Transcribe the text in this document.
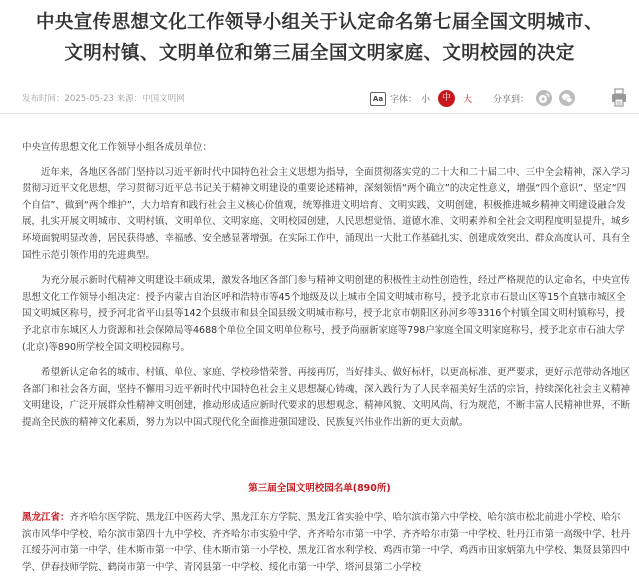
中央宣传思想文化工作领导小组关于认定命名第七届全国文明城市、
文明村镇、文明单位和第三届全国文明家庭、文明校园的决定
发布时间：2025-05-23 来源：中国文明网	Aa 字体： 小	中	大 分享到：

中央宣传思想文化工作领导小组各成员单位：

近年来，各地区各部门坚持以习近平新时代中国特色社会主义思想为指导，全面贯彻落实党的二十大和二十届二中、三中全会精神，深入学习贯彻习近平文化思想，学习贯彻习近平总书记关于精神文明建设的重要论述精神，深刻领悟“两个确立”的决定性意义，增强“四个意识”、坚定“四个自信”、做到“两个维护”，大力培育和践行社会主义核心价值观，统筹推进文明培育、文明实践、文明创建，积极推进城乡精神文明建设融合发展，扎实开展文明城市、文明村镇、文明单位、文明家庭、文明校园创建，人民思想觉悟、道德水准、文明素养和全社会文明程度明显提升，城乡环境面貌明显改善，居民获得感、幸福感、安全感显著增强。在实际工作中，涌现出一大批工作基础扎实、创建成效突出、群众高度认可、具有全国性示范引领作用的先进典型。

为充分展示新时代精神文明建设丰硕成果，激发各地区各部门参与精神文明创建的积极性主动性创造性，经过严格规范的认定命名，中央宣传思想文化工作领导小组决定：授予内蒙古自治区呼和浩特市等45个地级及以上城市全国文明城市称号，授予北京市石景山区等15个直辖市城区全国文明城区称号，授予河北省平山县等142个县级市和县全国县级文明城市称号，授予北京市朝阳区孙河乡等3316个村镇全国文明村镇称号，授予北京市东城区人力资源和社会保障局等4688个单位全国文明单位称号，授予尚丽新家庭等798户家庭全国文明家庭称号，授予北京市石油大学(北京)等890所学校全国文明校园称号。

希望新认定命名的城市、村镇、单位、家庭、学校珍惜荣誉、再接再厉，当好排头、做好标杆，以更高标准、更严要求，更好示范带动各地区各部门和社会各方面，坚持不懈用习近平新时代中国特色社会主义思想凝心铸魂，深入践行为了人民幸福美好生活的宗旨，持续深化社会主义精神文明建设，广泛开展群众性精神文明创建，推动形成适应新时代要求的思想观念、精神风貌、文明风尚、行为规范，不断丰富人民精神世界，不断提高全民族的精神文化素质，努力为以中国式现代化全面推进强国建设、民族复兴伟业作出新的更大贡献。

第三届全国文明校园名单(890所)
黑龙江省：齐齐哈尔医学院、黑龙江中医药大学、黑龙江东方学院、黑龙江省实验中学、哈尔滨市第六中学校、哈尔滨市松北前进小学校、哈尔滨市风华中学校、哈尔滨市第四十九中学校、齐齐哈尔市实验中学、齐齐哈尔市第一中学、齐齐哈尔市第一中学校、牡丹江市第一高级中学、牡丹江绥芬河市第一中学、佳木斯市第一中学、佳木斯市第一小学校、黑龙江省水利学校、鸡西市第一中学、鸡西市田家炳第九中学校、集贤县第四中学、伊春技师学院、鹤岗市第一中学、青冈县第一中学校、绥化市第一中学、塔河县第二小学校
